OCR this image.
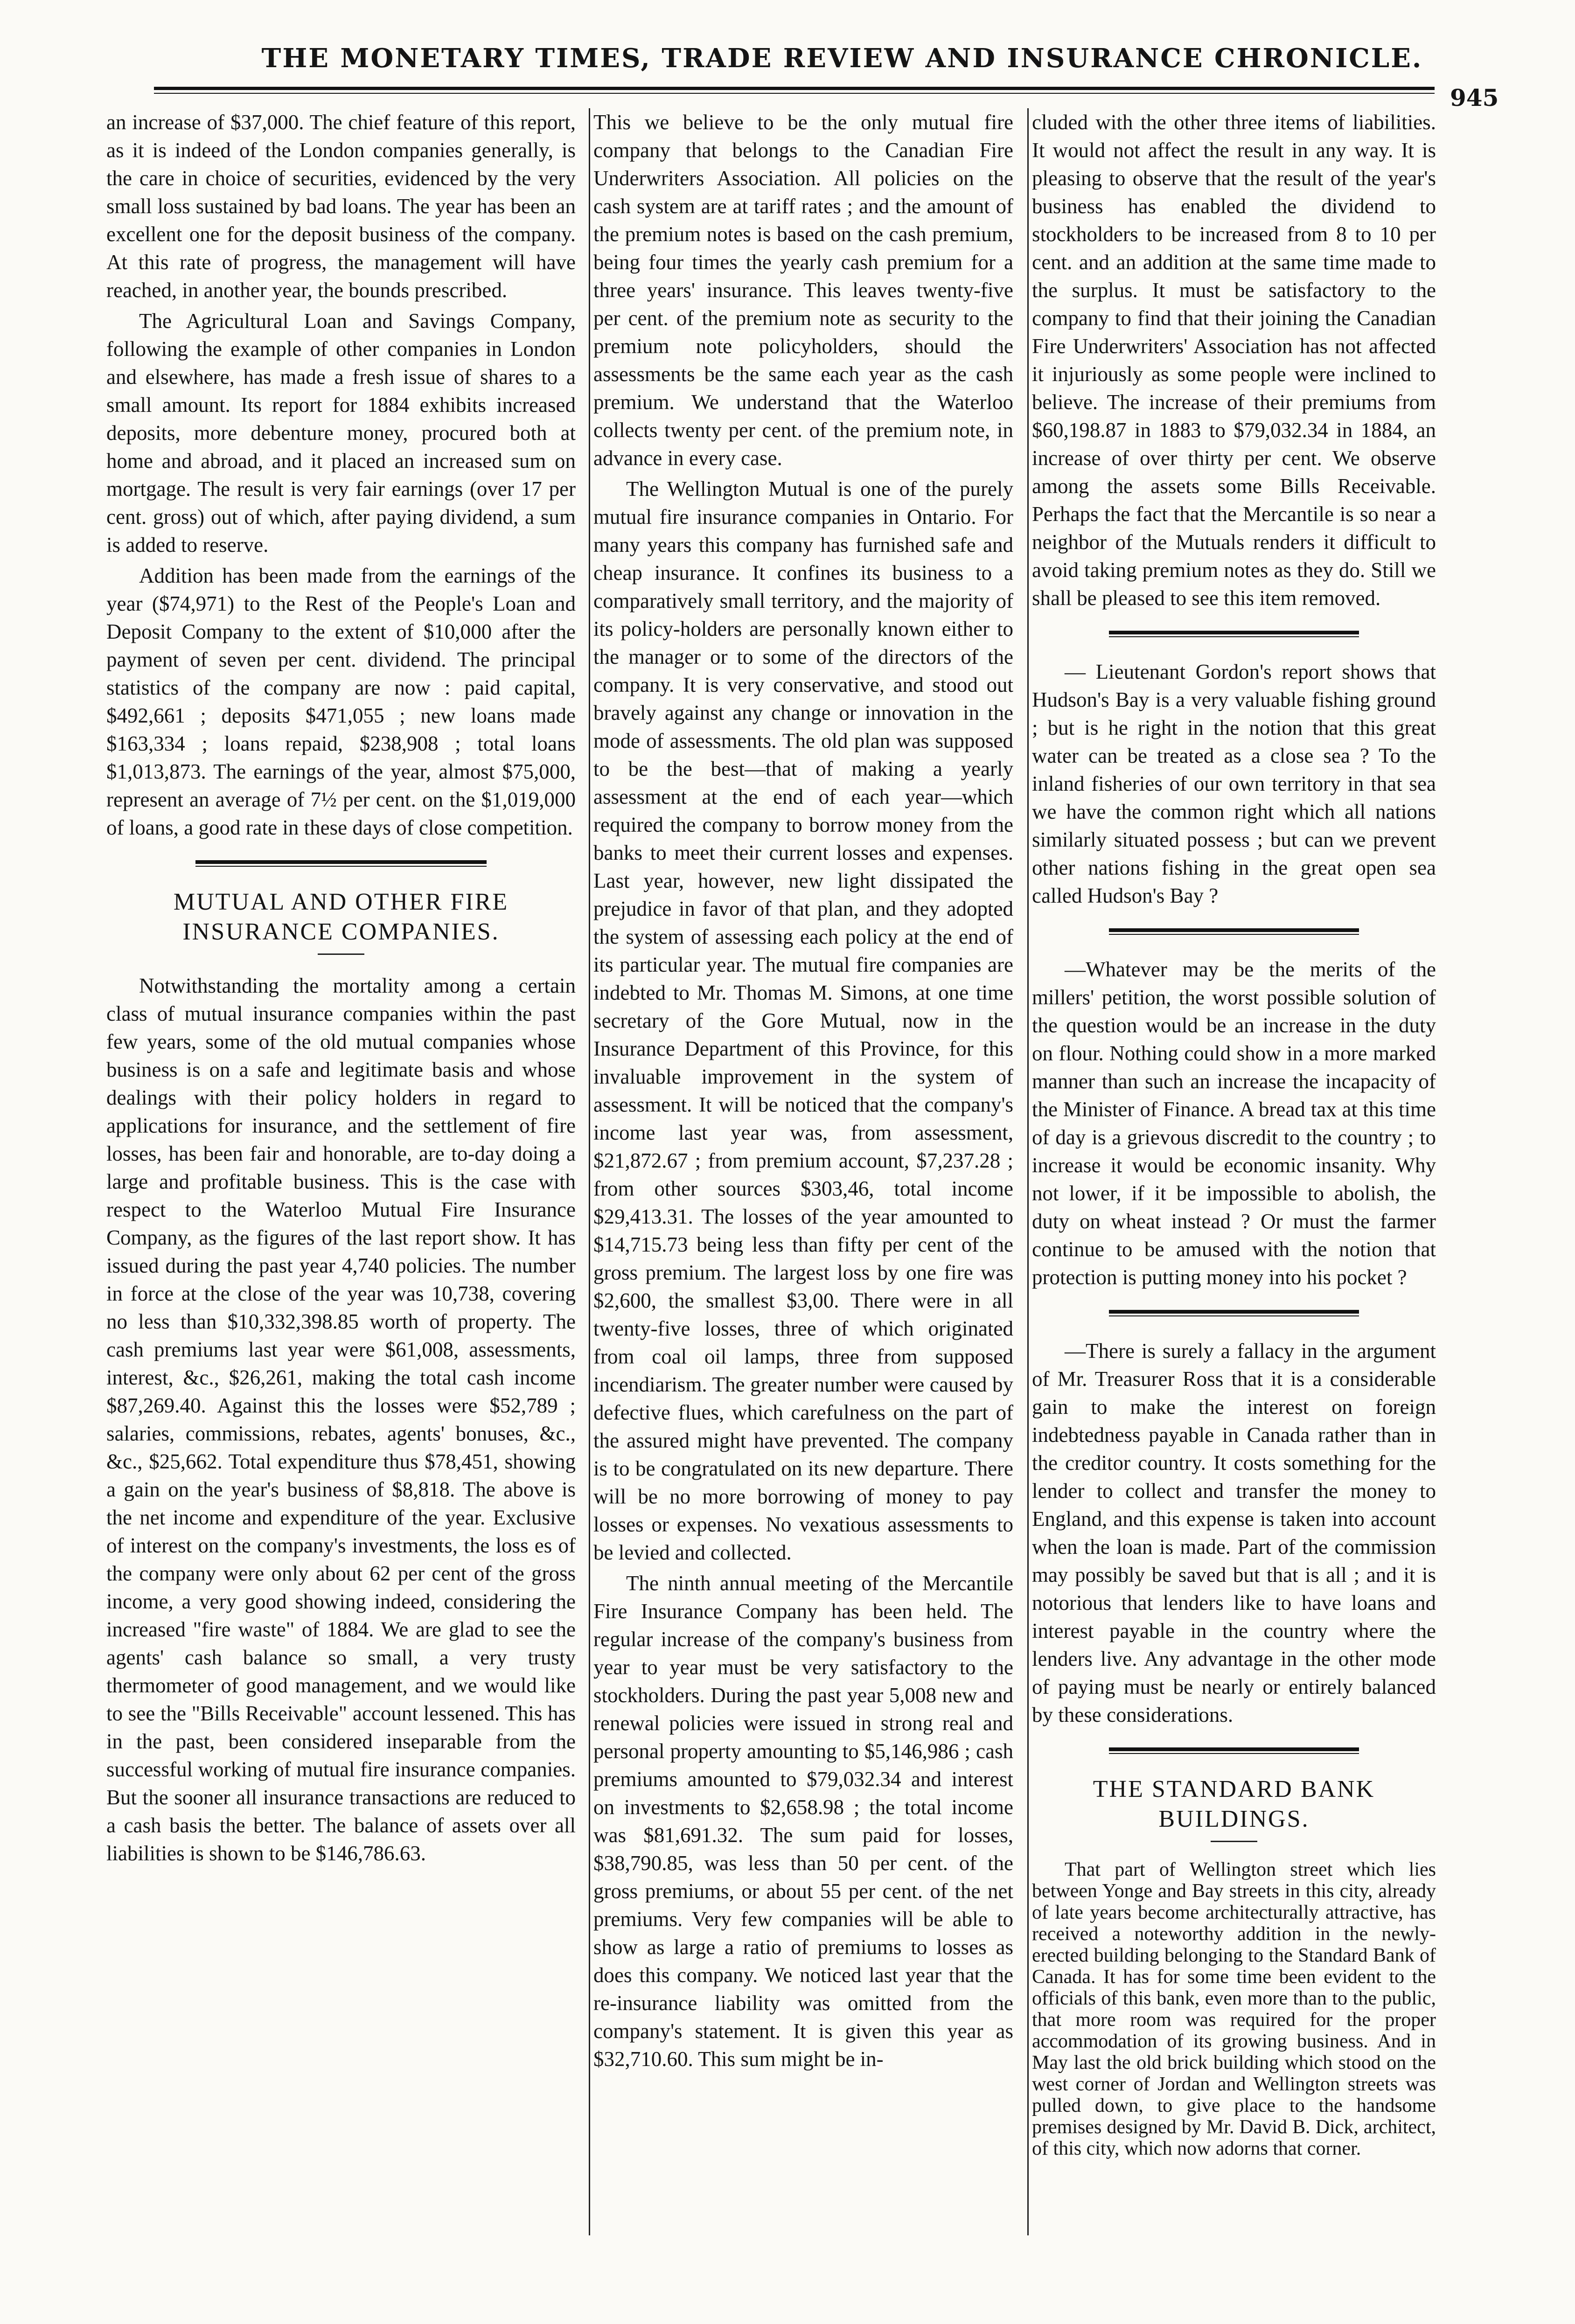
THE MONETARY TIMES, TRADE REVIEW AND INSURANCE CHRONICLE.
945

an increase of $37,000. The chief feature of this report, as it is indeed of the London companies generally, is the care in choice of securities, evidenced by the very small loss sustained by bad loans. The year has been an excellent one for the deposit business of the company. At this rate of progress, the management will have reached, in another year, the bounds prescribed.

The Agricultural Loan and Savings Company, following the example of other companies in London and elsewhere, has made a fresh issue of shares to a small amount. Its report for 1884 exhibits increased deposits, more debenture money, procured both at home and abroad, and it placed an increased sum on mortgage. The result is very fair earnings (over 17 per cent. gross) out of which, after paying dividend, a sum is added to reserve.

Addition has been made from the earnings of the year ($74,971) to the Rest of the People's Loan and Deposit Company to the extent of $10,000 after the payment of seven per cent. dividend. The principal statistics of the company are now : paid capital, $492,661 ; deposits $471,055 ; new loans made $163,334 ; loans repaid, $238,908 ; total loans $1,013,873. The earnings of the year, almost $75,000, represent an average of 7½ per cent. on the $1,019,000 of loans, a good rate in these days of close competition.

MUTUAL AND OTHER FIRE INSURANCE COMPANIES.

Notwithstanding the mortality among a certain class of mutual insurance companies within the past few years, some of the old mutual companies whose business is on a safe and legitimate basis and whose dealings with their policy holders in regard to applications for insurance, and the settlement of fire losses, has been fair and honorable, are to-day doing a large and profitable business. This is the case with respect to the Waterloo Mutual Fire Insurance Company, as the figures of the last report show. It has issued during the past year 4,740 policies. The number in force at the close of the year was 10,738, covering no less than $10,332,398.85 worth of property. The cash premiums last year were $61,008, assessments, interest, &c., $26,261, making the total cash income $87,269.40. Against this the losses were $52,789 ; salaries, commissions, rebates, agents' bonuses, &c., &c., $25,662. Total expenditure thus $78,451, showing a gain on the year's business of $8,818. The above is the net income and expenditure of the year. Exclusive of interest on the company's investments, the loss es of the company were only about 62 per cent of the gross income, a very good showing indeed, considering the increased "fire waste" of 1884. We are glad to see the agents' cash balance so small, a very trusty thermometer of good management, and we would like to see the "Bills Receivable" account lessened. This has in the past, been considered inseparable from the successful working of mutual fire insurance companies. But the sooner all insurance transactions are reduced to a cash basis the better. The balance of assets over all liabilities is shown to be $146,786.63.

This we believe to be the only mutual fire company that belongs to the Canadian Fire Underwriters Association. All policies on the cash system are at tariff rates ; and the amount of the premium notes is based on the cash premium, being four times the yearly cash premium for a three years' insurance. This leaves twenty-five per cent. of the premium note as security to the premium note policyholders, should the assessments be the same each year as the cash premium. We understand that the Waterloo collects twenty per cent. of the premium note, in advance in every case.

The Wellington Mutual is one of the purely mutual fire insurance companies in Ontario. For many years this company has furnished safe and cheap insurance. It confines its business to a comparatively small territory, and the majority of its policy-holders are personally known either to the manager or to some of the directors of the company. It is very conservative, and stood out bravely against any change or innovation in the mode of assessments. The old plan was supposed to be the best—that of making a yearly assessment at the end of each year—which required the company to borrow money from the banks to meet their current losses and expenses. Last year, however, new light dissipated the prejudice in favor of that plan, and they adopted the system of assessing each policy at the end of its particular year. The mutual fire companies are indebted to Mr. Thomas M. Simons, at one time secretary of the Gore Mutual, now in the Insurance Department of this Province, for this invaluable improvement in the system of assessment. It will be noticed that the company's income last year was, from assessment, $21,872.67 ; from premium account, $7,237.28 ; from other sources $303,46, total income $29,413.31. The losses of the year amounted to $14,715.73 being less than fifty per cent of the gross premium. The largest loss by one fire was $2,600, the smallest $3,00. There were in all twenty-five losses, three of which originated from coal oil lamps, three from supposed incendiarism. The greater number were caused by defective flues, which carefulness on the part of the assured might have prevented. The company is to be congratulated on its new departure. There will be no more borrowing of money to pay losses or expenses. No vexatious assessments to be levied and collected.

The ninth annual meeting of the Mercantile Fire Insurance Company has been held. The regular increase of the company's business from year to year must be very satisfactory to the stockholders. During the past year 5,008 new and renewal policies were issued in strong real and personal property amounting to $5,146,986 ; cash premiums amounted to $79,032.34 and interest on investments to $2,658.98 ; the total income was $81,691.32. The sum paid for losses, $38,790.85, was less than 50 per cent. of the gross premiums, or about 55 per cent. of the net premiums. Very few companies will be able to show as large a ratio of premiums to losses as does this company. We noticed last year that the re-insurance liability was omitted from the company's statement. It is given this year as $32,710.60. This sum might be in-

cluded with the other three items of liabilities. It would not affect the result in any way. It is pleasing to observe that the result of the year's business has enabled the dividend to stockholders to be increased from 8 to 10 per cent. and an addition at the same time made to the surplus. It must be satisfactory to the company to find that their joining the Canadian Fire Underwriters' Association has not affected it injuriously as some people were inclined to believe. The increase of their premiums from $60,198.87 in 1883 to $79,032.34 in 1884, an increase of over thirty per cent. We observe among the assets some Bills Receivable. Perhaps the fact that the Mercantile is so near a neighbor of the Mutuals renders it difficult to avoid taking premium notes as they do. Still we shall be pleased to see this item removed.

— Lieutenant Gordon's report shows that Hudson's Bay is a very valuable fishing ground ; but is he right in the notion that this great water can be treated as a close sea ? To the inland fisheries of our own territory in that sea we have the common right which all nations similarly situated possess ; but can we prevent other nations fishing in the great open sea called Hudson's Bay ?

—Whatever may be the merits of the millers' petition, the worst possible solution of the question would be an increase in the duty on flour. Nothing could show in a more marked manner than such an increase the incapacity of the Minister of Finance. A bread tax at this time of day is a grievous discredit to the country ; to increase it would be economic insanity. Why not lower, if it be impossible to abolish, the duty on wheat instead ? Or must the farmer continue to be amused with the notion that protection is putting money into his pocket ?

—There is surely a fallacy in the argument of Mr. Treasurer Ross that it is a considerable gain to make the interest on foreign indebtedness payable in Canada rather than in the creditor country. It costs something for the lender to collect and transfer the money to England, and this expense is taken into account when the loan is made. Part of the commission may possibly be saved but that is all ; and it is notorious that lenders like to have loans and interest payable in the country where the lenders live. Any advantage in the other mode of paying must be nearly or entirely balanced by these considerations.

THE STANDARD BANK BUILDINGS.

That part of Wellington street which lies between Yonge and Bay streets in this city, already of late years become architecturally attractive, has received a noteworthy addition in the newly-erected building belonging to the Standard Bank of Canada. It has for some time been evident to the officials of this bank, even more than to the public, that more room was required for the proper accommodation of its growing business. And in May last the old brick building which stood on the west corner of Jordan and Wellington streets was pulled down, to give place to the handsome premises designed by Mr. David B. Dick, architect, of this city, which now adorns that corner.
